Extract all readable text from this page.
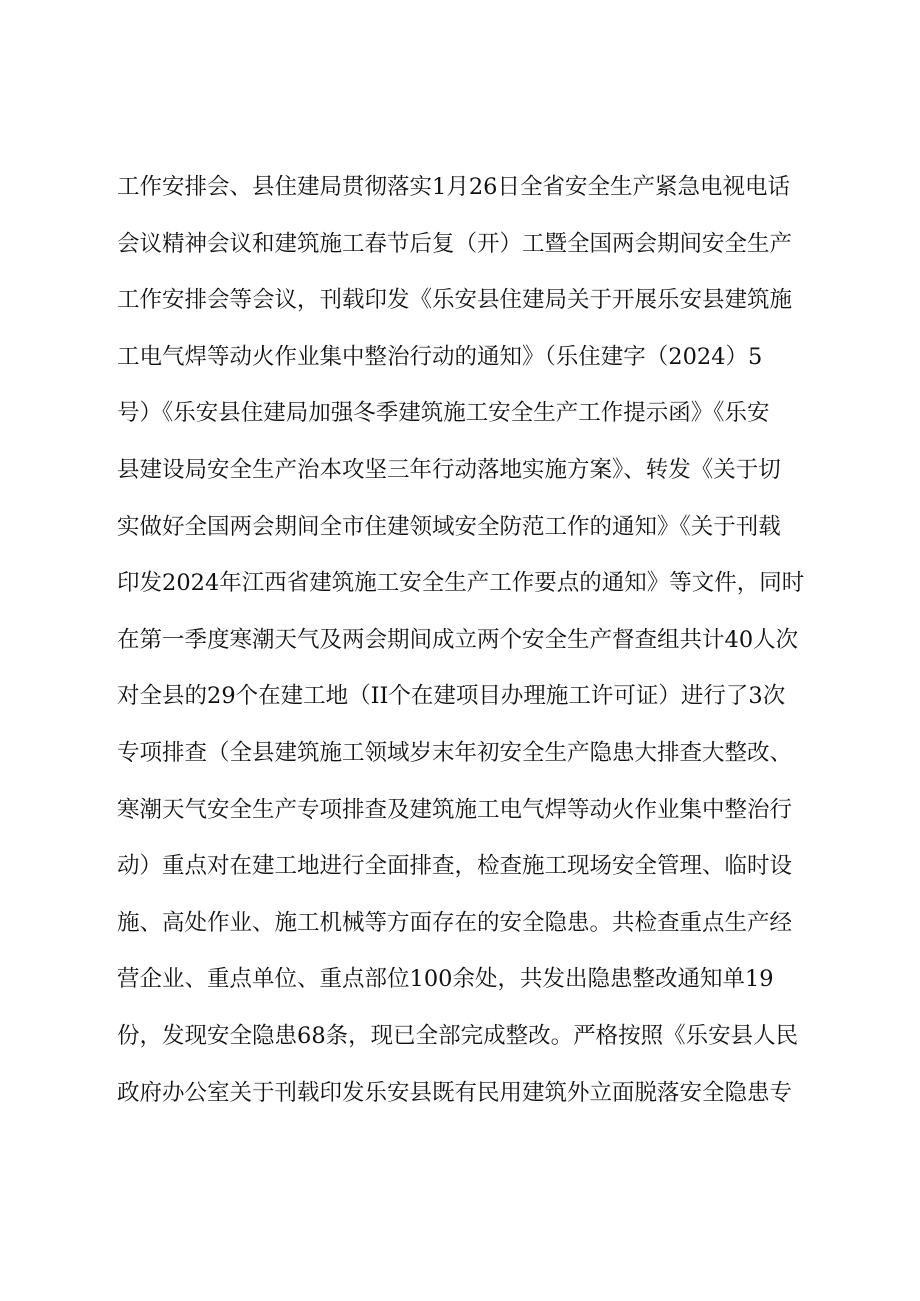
工作安排会、县住建局贯彻落实1月26日全省安全生产紧急电视电话
会议精神会议和建筑施工春节后复（开）工暨全国两会期间安全生产
工作安排会等会议，刊载印发《乐安县住建局关于开展乐安县建筑施
工电气焊等动火作业集中整治行动的通知》（乐住建字（2024）5
号）《乐安县住建局加强冬季建筑施工安全生产工作提示函》《乐安
县建设局安全生产治本攻坚三年行动落地实施方案》、转发《关于切
实做好全国两会期间全市住建领域安全防范工作的通知》《关于刊载
印发2024年江西省建筑施工安全生产工作要点的通知》等文件，同时
在第一季度寒潮天气及两会期间成立两个安全生产督查组共计40人次
对全县的29个在建工地（II个在建项目办理施工许可证）进行了3次
专项排查（全县建筑施工领域岁末年初安全生产隐患大排查大整改、
寒潮天气安全生产专项排查及建筑施工电气焊等动火作业集中整治行
动）重点对在建工地进行全面排查，检查施工现场安全管理、临时设
施、高处作业、施工机械等方面存在的安全隐患。共检查重点生产经
营企业、重点单位、重点部位100余处，共发出隐患整改通知单19
份，发现安全隐患68条，现已全部完成整改。严格按照《乐安县人民
政府办公室关于刊载印发乐安县既有民用建筑外立面脱落安全隐患专
